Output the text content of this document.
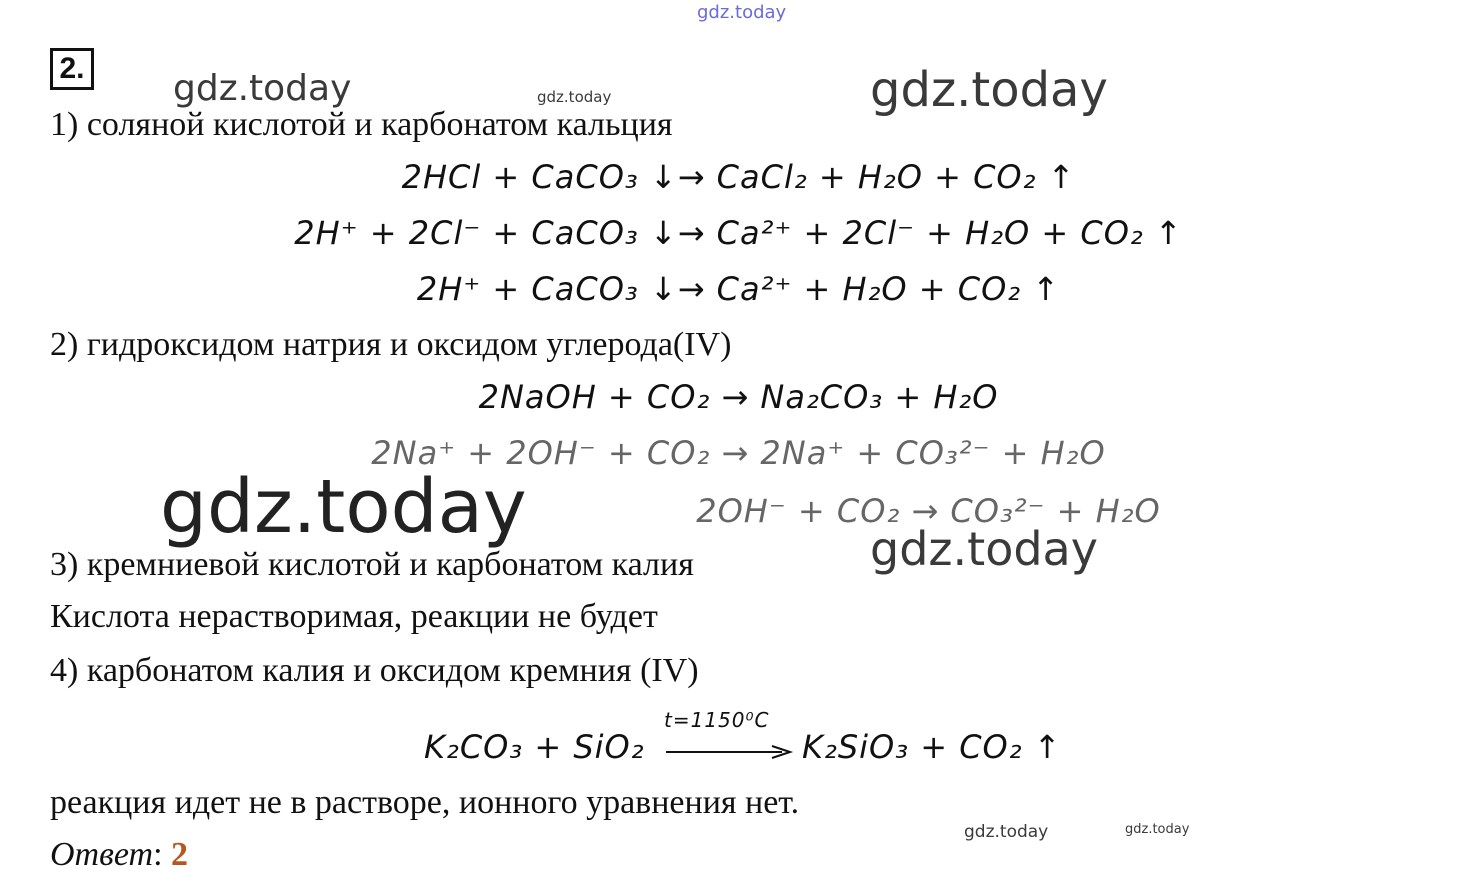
gdz.today
gdz.today	gdz.today	gdz.today
gdz.today	gdz.today
gdz.today	gdz.today
2.
1) соляной кислотой и карбонатом кальция
2HCl + CaCO₃ ↓→ CaCl₂ + H₂O + CO₂ ↑
2H⁺ + 2Cl⁻ + CaCO₃ ↓→ Ca²⁺ + 2Cl⁻ + H₂O + CO₂ ↑
2H⁺ + CaCO₃ ↓→ Ca²⁺ + H₂O + CO₂ ↑
2) гидроксидом натрия и оксидом углерода(IV)
2NaOH + CO₂ → Na₂CO₃ + H₂O
2Na⁺ + 2OH⁻ + CO₂ → 2Na⁺ + CO₃²⁻ + H₂O
2OH⁻ + CO₂ → CO₃²⁻ + H₂O
3) кремниевой кислотой и карбонатом калия
Кислота нерастворимая, реакции не будет
4) карбонатом калия и оксидом кремния (IV)
K₂CO₃ + SiO₂
t=1150⁰C
K₂SiO₃ + CO₂ ↑
реакция идет не в растворе, ионного уравнения нет.
Ответ: 2
